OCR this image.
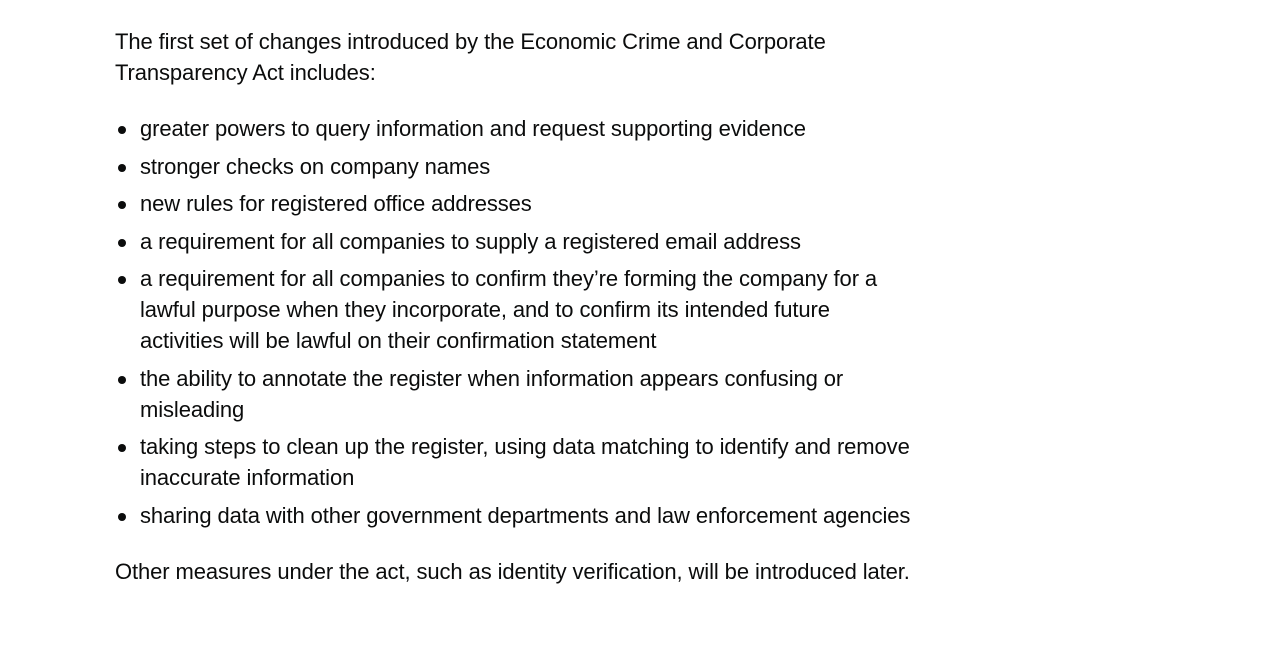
The first set of changes introduced by the Economic Crime and Corporate Transparency Act includes:

greater powers to query information and request supporting evidence
stronger checks on company names
new rules for registered office addresses
a requirement for all companies to supply a registered email address
a requirement for all companies to confirm they’re forming the company for a lawful purpose when they incorporate, and to confirm its intended future activities will be lawful on their confirmation statement
the ability to annotate the register when information appears confusing or misleading
taking steps to clean up the register, using data matching to identify and remove inaccurate information
sharing data with other government departments and law enforcement agencies

Other measures under the act, such as identity verification, will be introduced later.
